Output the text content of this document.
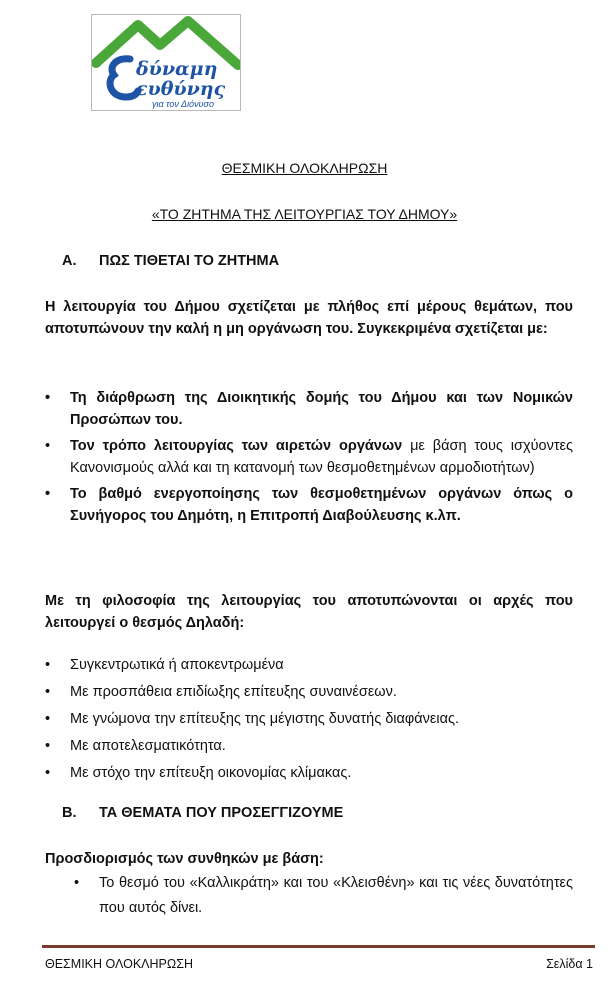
δύναμη
ευθύνης
για τον Διόνυσο
ΘΕΣΜΙΚΗ ΟΛΟΚΛΗΡΩΣΗ
«ΤΟ ΖΗΤΗΜΑ ΤΗΣ ΛΕΙΤΟΥΡΓΙΑΣ ΤΟΥ ΔΗΜΟΥ»
Α. ΠΩΣ ΤΙΘΕΤΑΙ ΤΟ ΖΗΤΗΜΑ

Η λειτουργία του Δήμου σχετίζεται με πλήθος επί μέρους θεμάτων, που αποτυπώνουν την καλή η μη οργάνωση του. Συγκεκριμένα σχετίζεται με:

• Τη διάρθρωση της Διοικητικής δομής του Δήμου και των Νομικών Προσώπων του.
• Τον τρόπο λειτουργίας των αιρετών οργάνων με βάση τους ισχύοντες Κανονισμούς αλλά και τη κατανομή των θεσμοθετημένων αρμοδιοτήτων)
• Το βαθμό ενεργοποίησης των θεσμοθετημένων οργάνων όπως ο Συνήγορος του Δημότη, η Επιτροπή Διαβούλευσης κ.λπ.

Με τη φιλοσοφία της λειτουργίας του αποτυπώνονται οι αρχές που λειτουργεί ο θεσμός Δηλαδή:

• Συγκεντρωτικά ή αποκεντρωμένα
• Με προσπάθεια επιδίωξης επίτευξης συναινέσεων.
• Με γνώμονα την επίτευξης της μέγιστης δυνατής διαφάνειας.
• Με αποτελεσματικότητα.
• Με στόχο την επίτευξη οικονομίας κλίμακας.
Β. ΤΑ ΘΕΜΑΤΑ ΠΟΥ ΠΡΟΣΕΓΓΙΖΟΥΜΕ

Προσδιορισμός των συνθηκών με βάση:

• Το θεσμό του «Καλλικράτη» και του «Κλεισθένη» και τις νέες δυνατότητες που αυτός δίνει.
ΘΕΣΜΙΚΗ ΟΛΟΚΛΗΡΩΣΗ	Σελίδα 1
